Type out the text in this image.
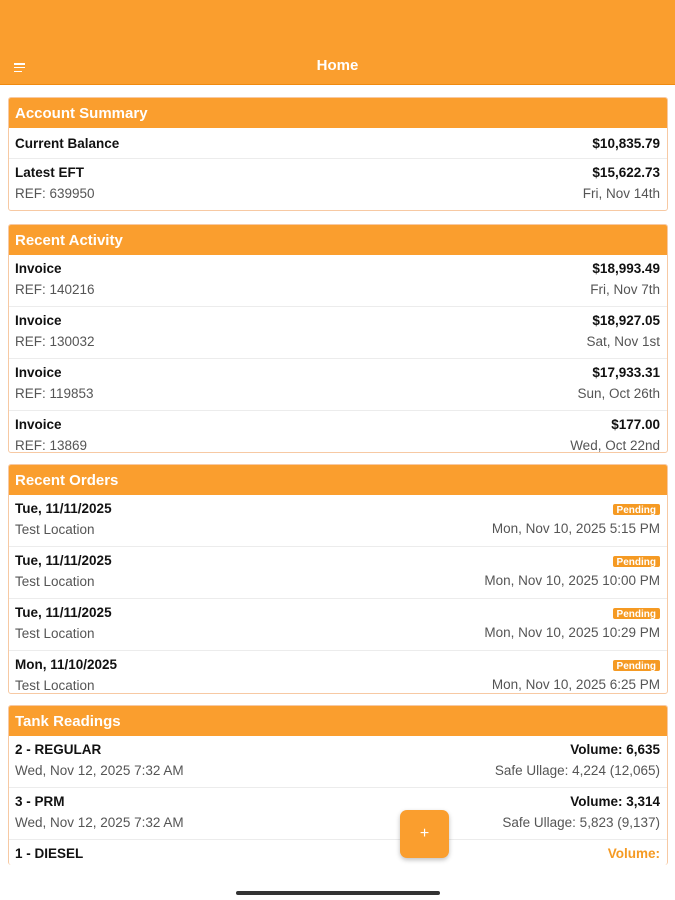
Home
Account Summary
Current Balance	$10,835.79
Latest EFT
REF: 639950
$15,622.73
Fri, Nov 14th
Recent Activity
Invoice
REF: 140216
$18,993.49
Fri, Nov 7th
Invoice
REF: 130032
$18,927.05
Sat, Nov 1st
Invoice
REF: 119853
$17,933.31
Sun, Oct 26th
Invoice
REF: 13869
$177.00
Wed, Oct 22nd
Recent Orders
Tue, 11/11/2025
Test Location
Pending
Mon, Nov 10, 2025 5:15 PM
Tue, 11/11/2025
Test Location
Pending
Mon, Nov 10, 2025 10:00 PM
Tue, 11/11/2025
Test Location
Pending
Mon, Nov 10, 2025 10:29 PM
Mon, 11/10/2025
Test Location
Pending
Mon, Nov 10, 2025 6:25 PM
Tank Readings
2 - REGULAR
Wed, Nov 12, 2025 7:32 AM
Volume: 6,635
Safe Ullage: 4,224 (12,065)
3 - PRM
Wed, Nov 12, 2025 7:32 AM
Volume: 3,314
Safe Ullage: 5,823 (9,137)
1 - DIESEL	Volume:
+
